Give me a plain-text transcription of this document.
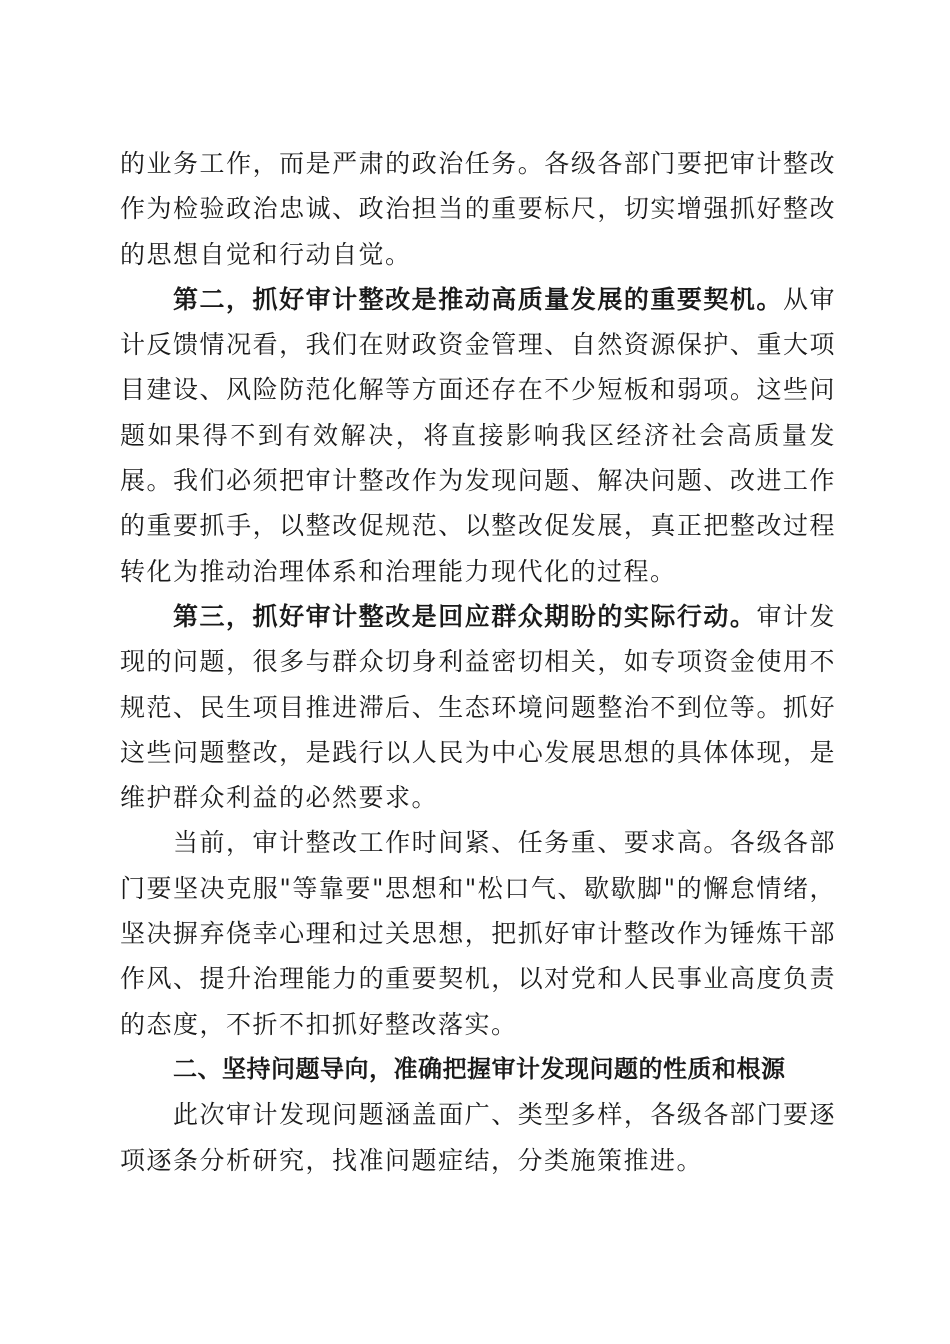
的业务工作，而是严肃的政治任务。各级各部门要把审计整改作为检验政治忠诚、政治担当的重要标尺，切实增强抓好整改的思想自觉和行动自觉。

第二，抓好审计整改是推动高质量发展的重要契机。从审计反馈情况看，我们在财政资金管理、自然资源保护、重大项目建设、风险防范化解等方面还存在不少短板和弱项。这些问题如果得不到有效解决，将直接影响我区经济社会高质量发展。我们必须把审计整改作为发现问题、解决问题、改进工作的重要抓手，以整改促规范、以整改促发展，真正把整改过程转化为推动治理体系和治理能力现代化的过程。

第三，抓好审计整改是回应群众期盼的实际行动。审计发现的问题，很多与群众切身利益密切相关，如专项资金使用不规范、民生项目推进滞后、生态环境问题整治不到位等。抓好这些问题整改，是践行以人民为中心发展思想的具体体现，是维护群众利益的必然要求。

当前，审计整改工作时间紧、任务重、要求高。各级各部门要坚决克服"等靠要"思想和"松口气、歇歇脚"的懈怠情绪，坚决摒弃侥幸心理和过关思想，把抓好审计整改作为锤炼干部作风、提升治理能力的重要契机，以对党和人民事业高度负责的态度，不折不扣抓好整改落实。

二、坚持问题导向，准确把握审计发现问题的性质和根源

此次审计发现问题涵盖面广、类型多样，各级各部门要逐项逐条分析研究，找准问题症结，分类施策推进。
